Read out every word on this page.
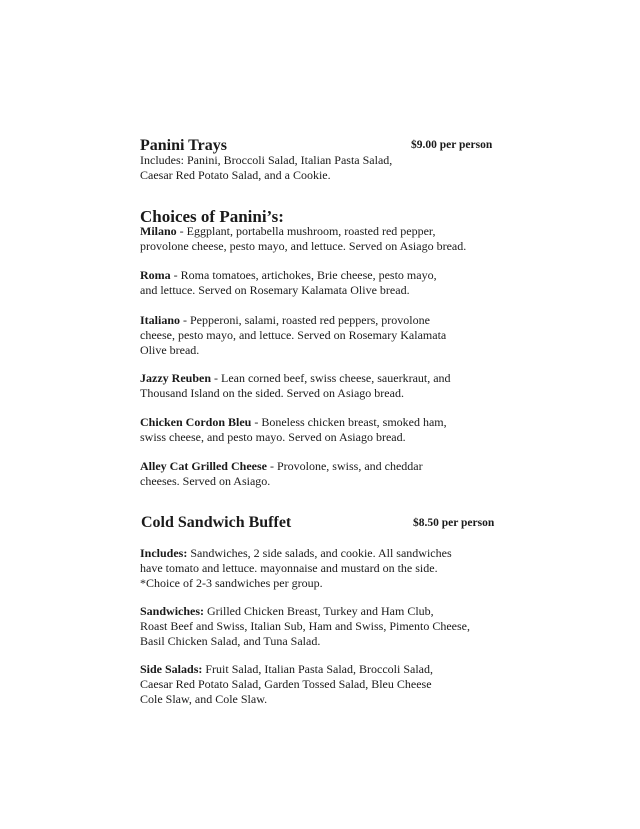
Panini Trays	$9.00 per person
Includes: Panini, Broccoli Salad, Italian Pasta Salad,
Caesar Red Potato Salad, and a Cookie.
Choices of Panini’s:
Milano - Eggplant, portabella mushroom, roasted red pepper,
provolone cheese, pesto mayo, and lettuce. Served on Asiago bread.
Roma - Roma tomatoes, artichokes, Brie cheese, pesto mayo,
and lettuce. Served on Rosemary Kalamata Olive bread.
Italiano - Pepperoni, salami, roasted red peppers, provolone
cheese, pesto mayo, and lettuce. Served on Rosemary Kalamata
Olive bread.
Jazzy Reuben - Lean corned beef, swiss cheese, sauerkraut, and
Thousand Island on the sided. Served on Asiago bread.
Chicken Cordon Bleu - Boneless chicken breast, smoked ham,
swiss cheese, and pesto mayo. Served on Asiago bread.
Alley Cat Grilled Cheese - Provolone, swiss, and cheddar
cheeses. Served on Asiago.
Cold Sandwich Buffet	$8.50 per person
Includes: Sandwiches, 2 side salads, and cookie. All sandwiches
have tomato and lettuce. mayonnaise and mustard on the side.
*Choice of 2-3 sandwiches per group.
Sandwiches: Grilled Chicken Breast, Turkey and Ham Club,
Roast Beef and Swiss, Italian Sub, Ham and Swiss, Pimento Cheese,
Basil Chicken Salad, and Tuna Salad.
Side Salads: Fruit Salad, Italian Pasta Salad, Broccoli Salad,
Caesar Red Potato Salad, Garden Tossed Salad, Bleu Cheese
Cole Slaw, and Cole Slaw.
